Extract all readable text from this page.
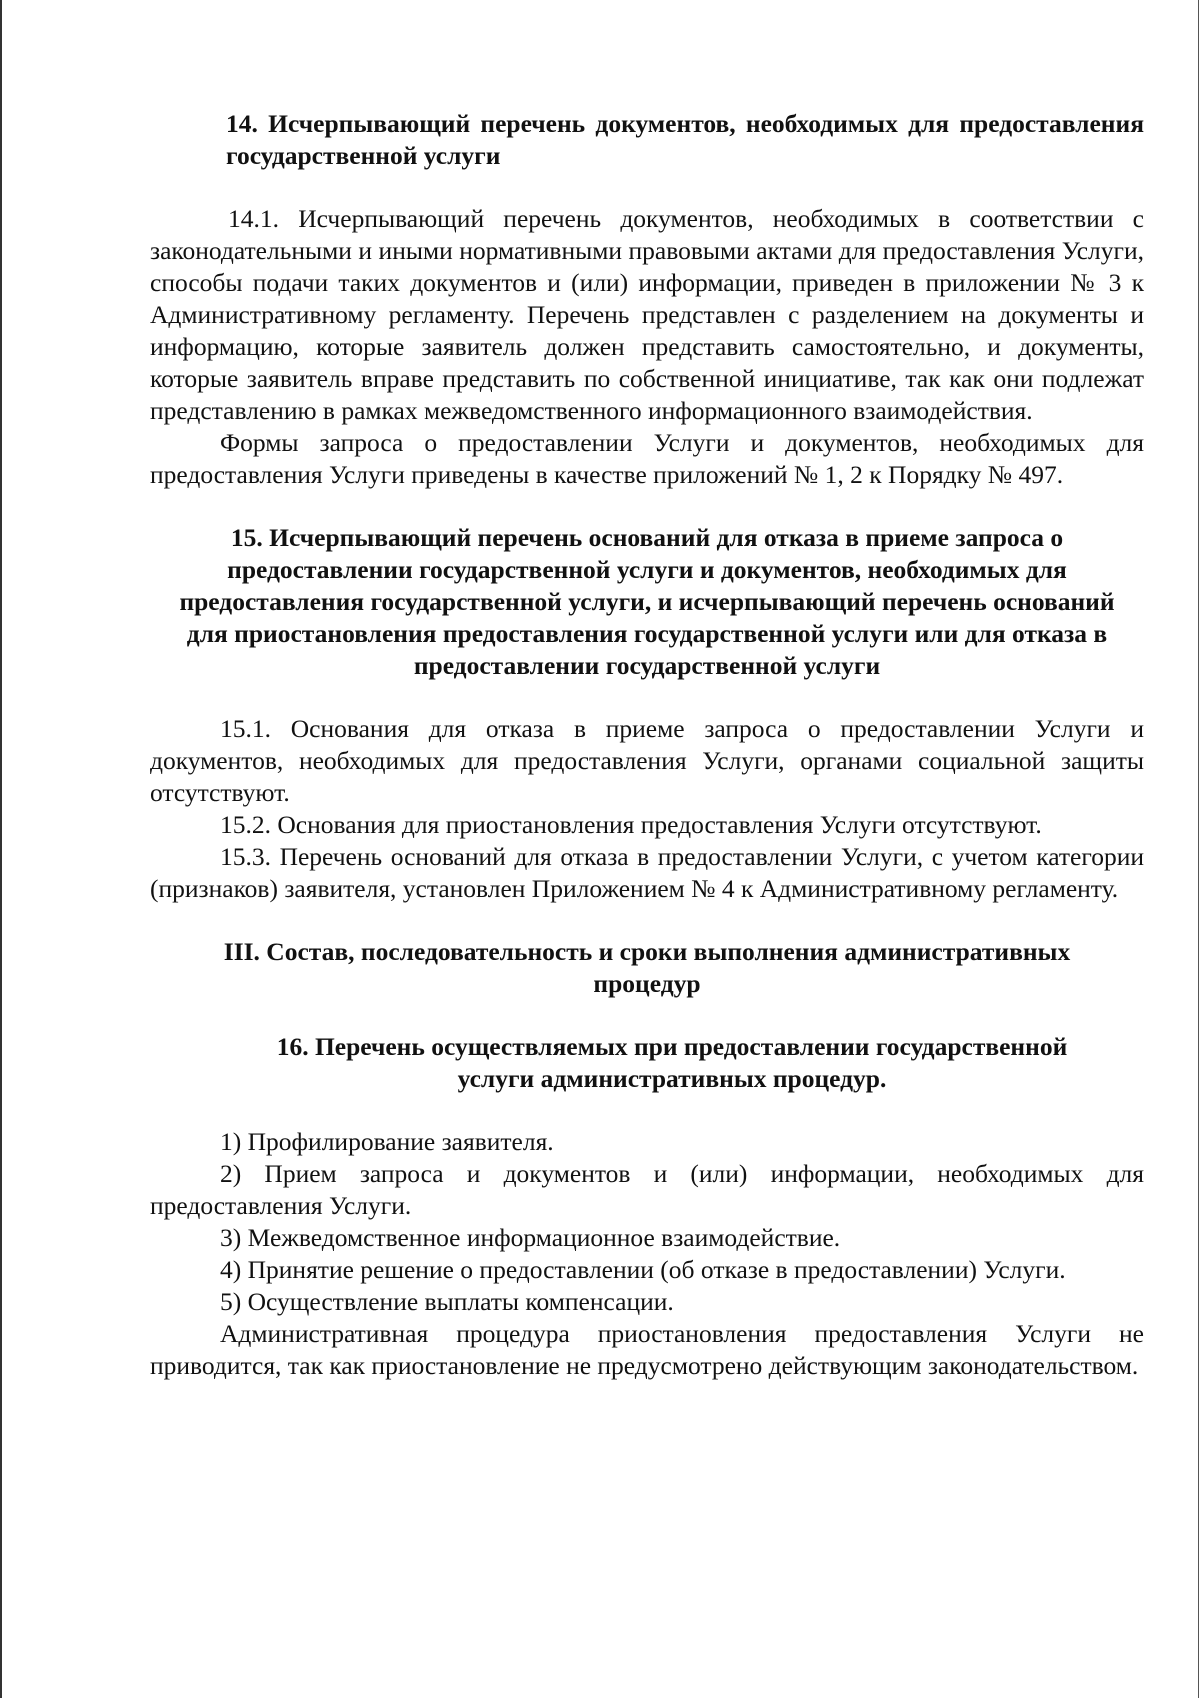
14. Исчерпывающий перечень документов, необходимых для предоставления государственной услуги

14.1. Исчерпывающий перечень документов, необходимых в соответствии с законодательными и иными нормативными правовыми актами для предоставления Услуги, способы подачи таких документов и (или) информации, приведен в приложении № 3 к Административному регламенту. Перечень представлен с разделением на документы и информацию, которые заявитель должен представить самостоятельно, и документы, которые заявитель вправе представить по собственной инициативе, так как они подлежат представлению в рамках межведомственного информационного взаимодействия.

Формы запроса о предоставлении Услуги и документов, необходимых для предоставления Услуги приведены в качестве приложений № 1, 2 к Порядку № 497.

15. Исчерпывающий перечень оснований для отказа в приеме запроса о предоставлении государственной услуги и документов, необходимых для предоставления государственной услуги, и исчерпывающий перечень оснований для приостановления предоставления государственной услуги или для отказа в предоставлении государственной услуги

15.1. Основания для отказа в приеме запроса о предоставлении Услуги и документов, необходимых для предоставления Услуги, органами социальной защиты отсутствуют.

15.2. Основания для приостановления предоставления Услуги отсутствуют.

15.3. Перечень оснований для отказа в предоставлении Услуги, с учетом категории (признаков) заявителя, установлен Приложением № 4 к Административному регламенту.

III. Состав, последовательность и сроки выполнения административных процедур
16. Перечень осуществляемых при предоставлении государственной услуги административных процедур.
1) Профилирование заявителя.
2) Прием запроса и документов и (или) информации, необходимых для предоставления Услуги.
3) Межведомственное информационное взаимодействие.
4) Принятие решение о предоставлении (об отказе в предоставлении) Услуги.
5) Осуществление выплаты компенсации.

Административная процедура приостановления предоставления Услуги не приводится, так как приостановление не предусмотрено действующим законодательством.
